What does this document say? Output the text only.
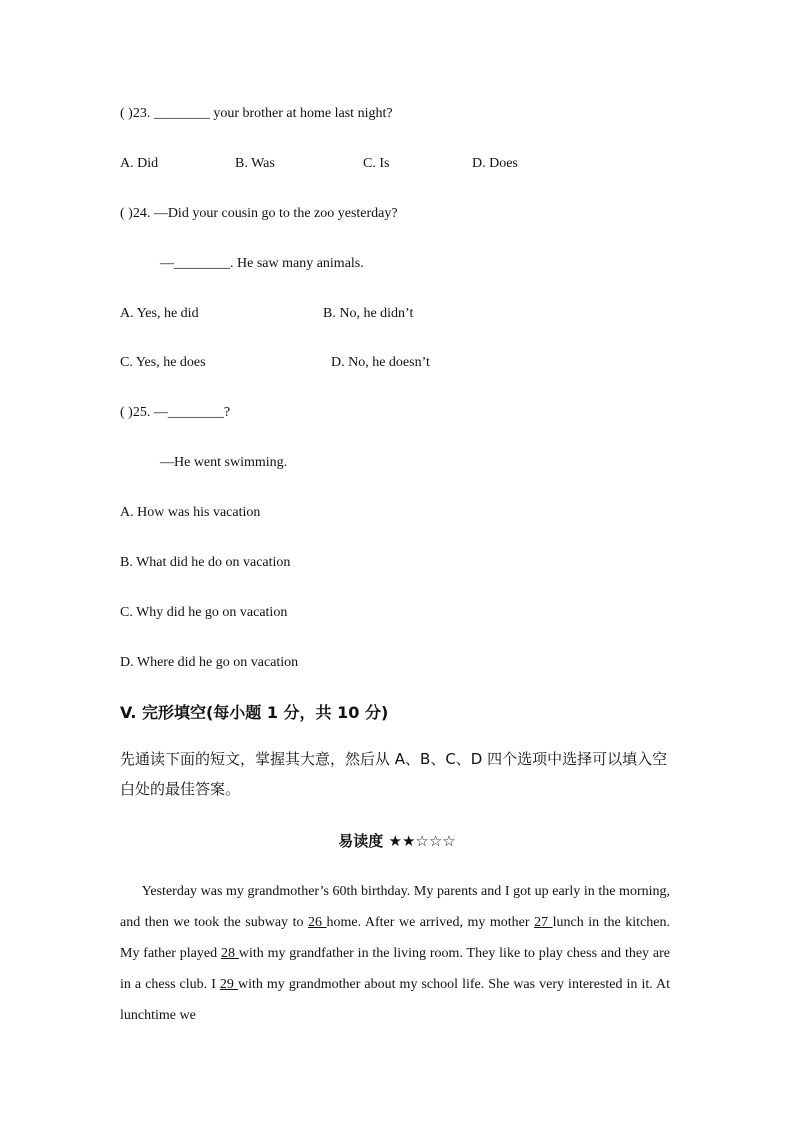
( )23. ________ your brother at home last night?
A. Did	B. Was	C. Is	D. Does
( )24. —Did your cousin go to the zoo yesterday?
—________. He saw many animals.
A. Yes, he did	B. No, he didn’t
C. Yes, he does	D. No, he doesn’t
( )25. —________?
—He went swimming.
A. How was his vacation
B. What did he do on vacation
C. Why did he go on vacation
D. Where did he go on vacation
V. 完形填空(每小题 1 分，共 10 分)
先通读下面的短文，掌握其大意，然后从 A、B、C、D 四个选项中选择可以填入空白处的最佳答案。
易读度 ★★☆☆☆
Yesterday was my grandmother’s 60th birthday. My parents and I got up early in the morning, and then we took the subway to 26 home. After we arrived, my mother 27 lunch in the kitchen. My father played 28 with my grandfather in the living room. They like to play chess and they are in a chess club. I 29 with my grandmother about my school life. She was very interested in it. At lunchtime we
